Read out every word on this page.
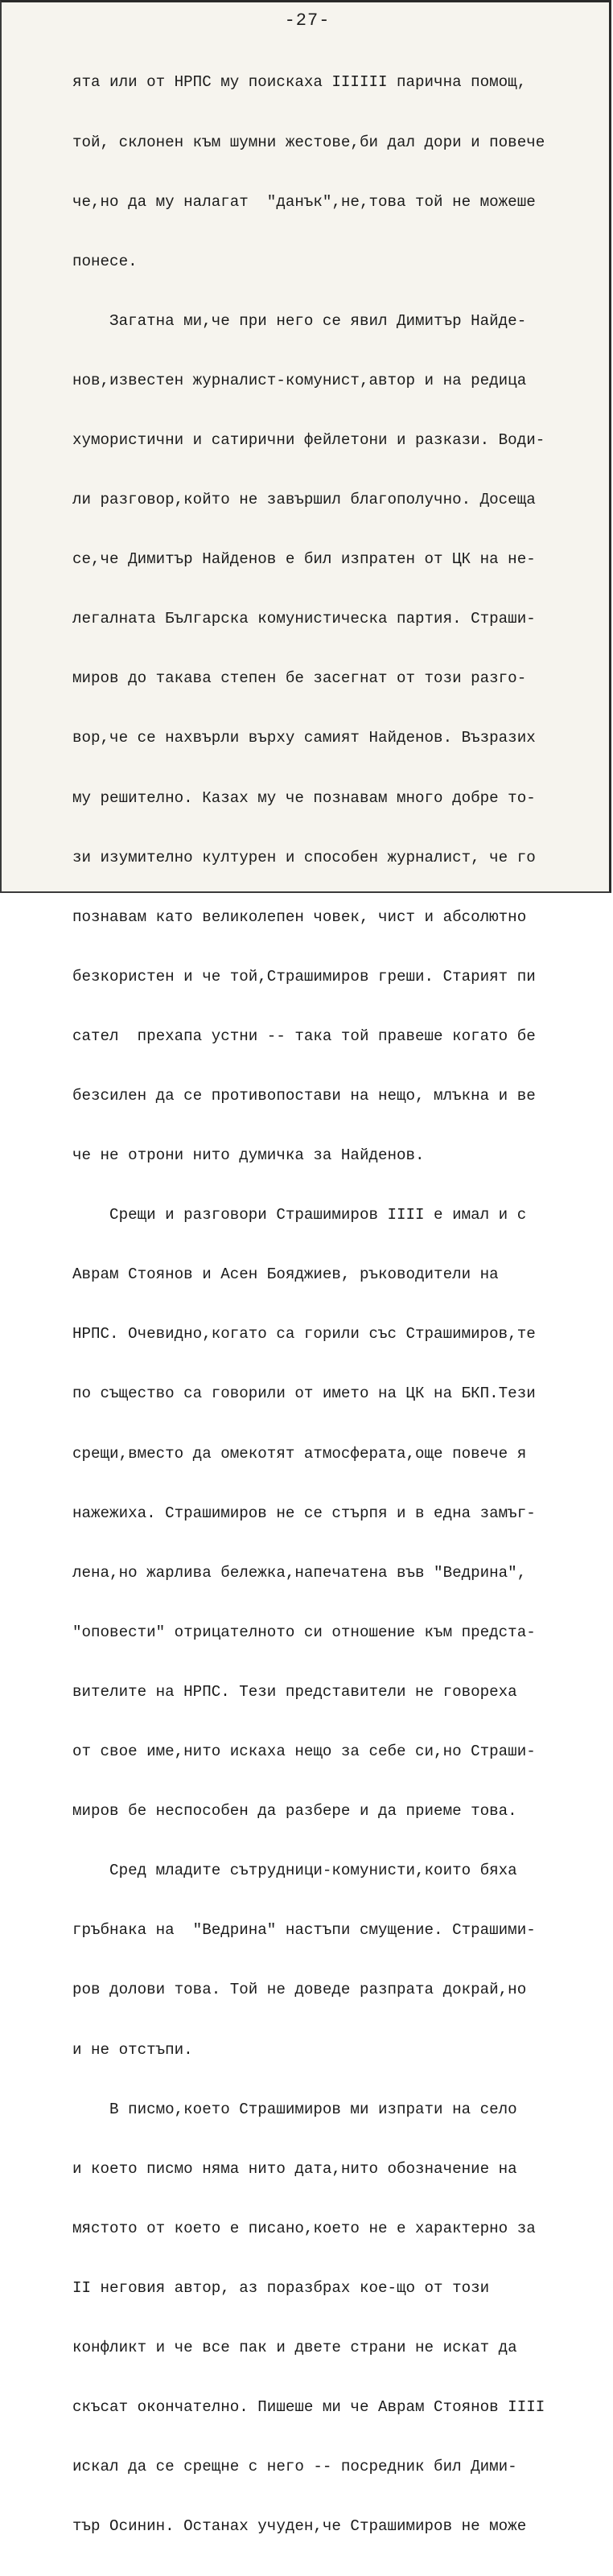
-27-

ята или от НРПС му поискаха ІІІІІІ парична помощ,

той, склонен към шумни жестове,би дал дори и повече

че,но да му налагат  "данък",не,това той не можеше

понесе.

Загатна ми,че при него се явил Димитър Найде-

нов,известен журналист-комунист,автор и на редица

хумористични и сатирични фейлетони и разкази. Води-

ли разговор,който не завършил благополучно. Досеща

се,че Димитър Найденов е бил изпратен от ЦК на не-

легалната Българска комунистическа партия. Страши-

миров до такава степен бе засегнат от този разго-

вор,че се нахвърли върху самият Найденов. Възразих

му решително. Казах му че познавам много добре то-

зи изумително културен и способен журналист, че го

познавам като великолепен човек, чист и абсолютно

безкористен и че той,Страшимиров греши. Старият пи

сател  прехапа устни -- така той правеше когато бе

безсилен да се противопостави на нещо, млъкна и ве

че не отрони нито думичка за Найденов.

Срещи и разговори Страшимиров ІІІІ е имал и с

Аврам Стоянов и Асен Бояджиев, ръководители на

НРПС. Очевидно,когато са горили със Страшимиров,те

по същество са говорили от името на ЦК на БКП.Тези

срещи,вместо да омекотят атмосферата,още повече я

нажежиха. Страшимиров не се стърпя и в една замъг-

лена,но жарлива бележка,напечатена във "Ведрина",

"оповести" отрицателното си отношение към предста-

вителите на НРПС. Тези представители не говореха

от свое име,нито искаха нещо за себе си,но Страши-

миров бе неспособен да разбере и да приеме това.

Сред младите сътрудници-комунисти,които бяха

гръбнака на  "Ведрина" настъпи смущение. Страшими-

ров долови това. Той не доведе разпрата докрай,но

и не отстъпи.

В писмо,което Страшимиров ми изпрати на село

и което писмо няма нито дата,нито обозначение на

мястото от което е писано,което не е характерно за

ІІ неговия автор, аз поразбрах кое-що от този

конфликт и че все пак и двете страни не искат да

скъсат окончателно. Пишеше ми че Аврам Стоянов ІІІІ

искал да се срещне с него -- посредник бил Дими-

тър Осинин. Останах учуден,че Страшимиров не може
